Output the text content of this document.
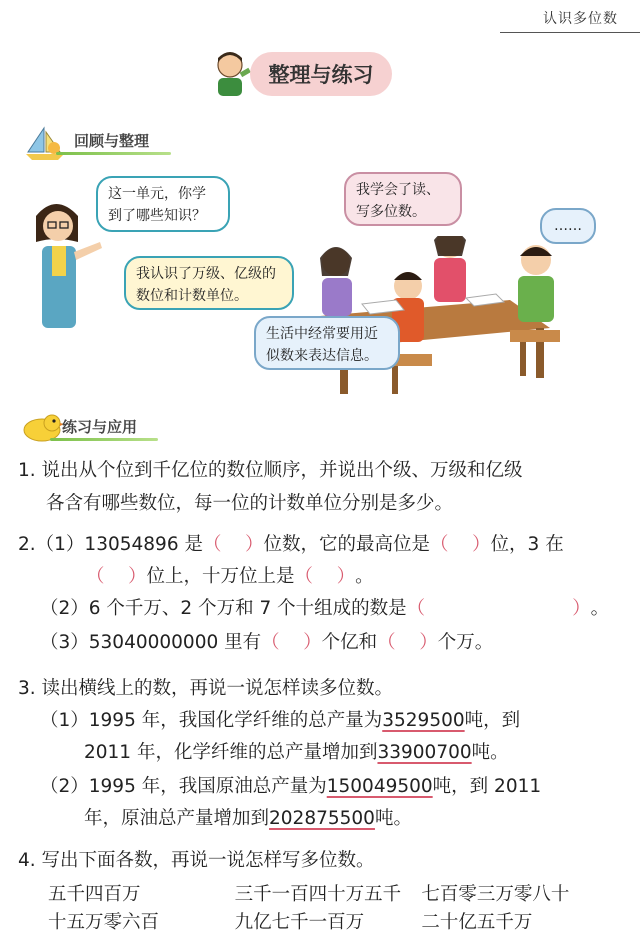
认识多位数
整理与练习
回顾与整理
这一单元，你学到了哪些知识？
我学会了读、写多位数。
……
我认识了万级、亿级的数位和计数单位。
生活中经常要用近似数来表达信息。
练习与应用
1. 说出从个位到千亿位的数位顺序，并说出个级、万级和亿级
各含有哪些数位，每一位的计数单位分别是多少。
2.（1）13054896 是（    ）位数，它的最高位是（    ）位，3 在
（    ）位上，十万位上是（    ）。
（2）6 个千万、2 个万和 7 个十组成的数是（                         ）。
（3）53040000000 里有（    ）个亿和（    ）个万。
3. 读出横线上的数，再说一说怎样读多位数。
（1）1995 年，我国化学纤维的总产量为3529500吨，到
2011 年，化学纤维的总产量增加到33900700吨。
（2）1995 年，我国原油总产量为150049500吨，到 2011
年，原油总产量增加到202875500吨。
4. 写出下面各数，再说一说怎样写多位数。
五千四百万	三千一百四十万五千	七百零三万零八十
十五万零六百	九亿七千一百万	二十亿五千万
